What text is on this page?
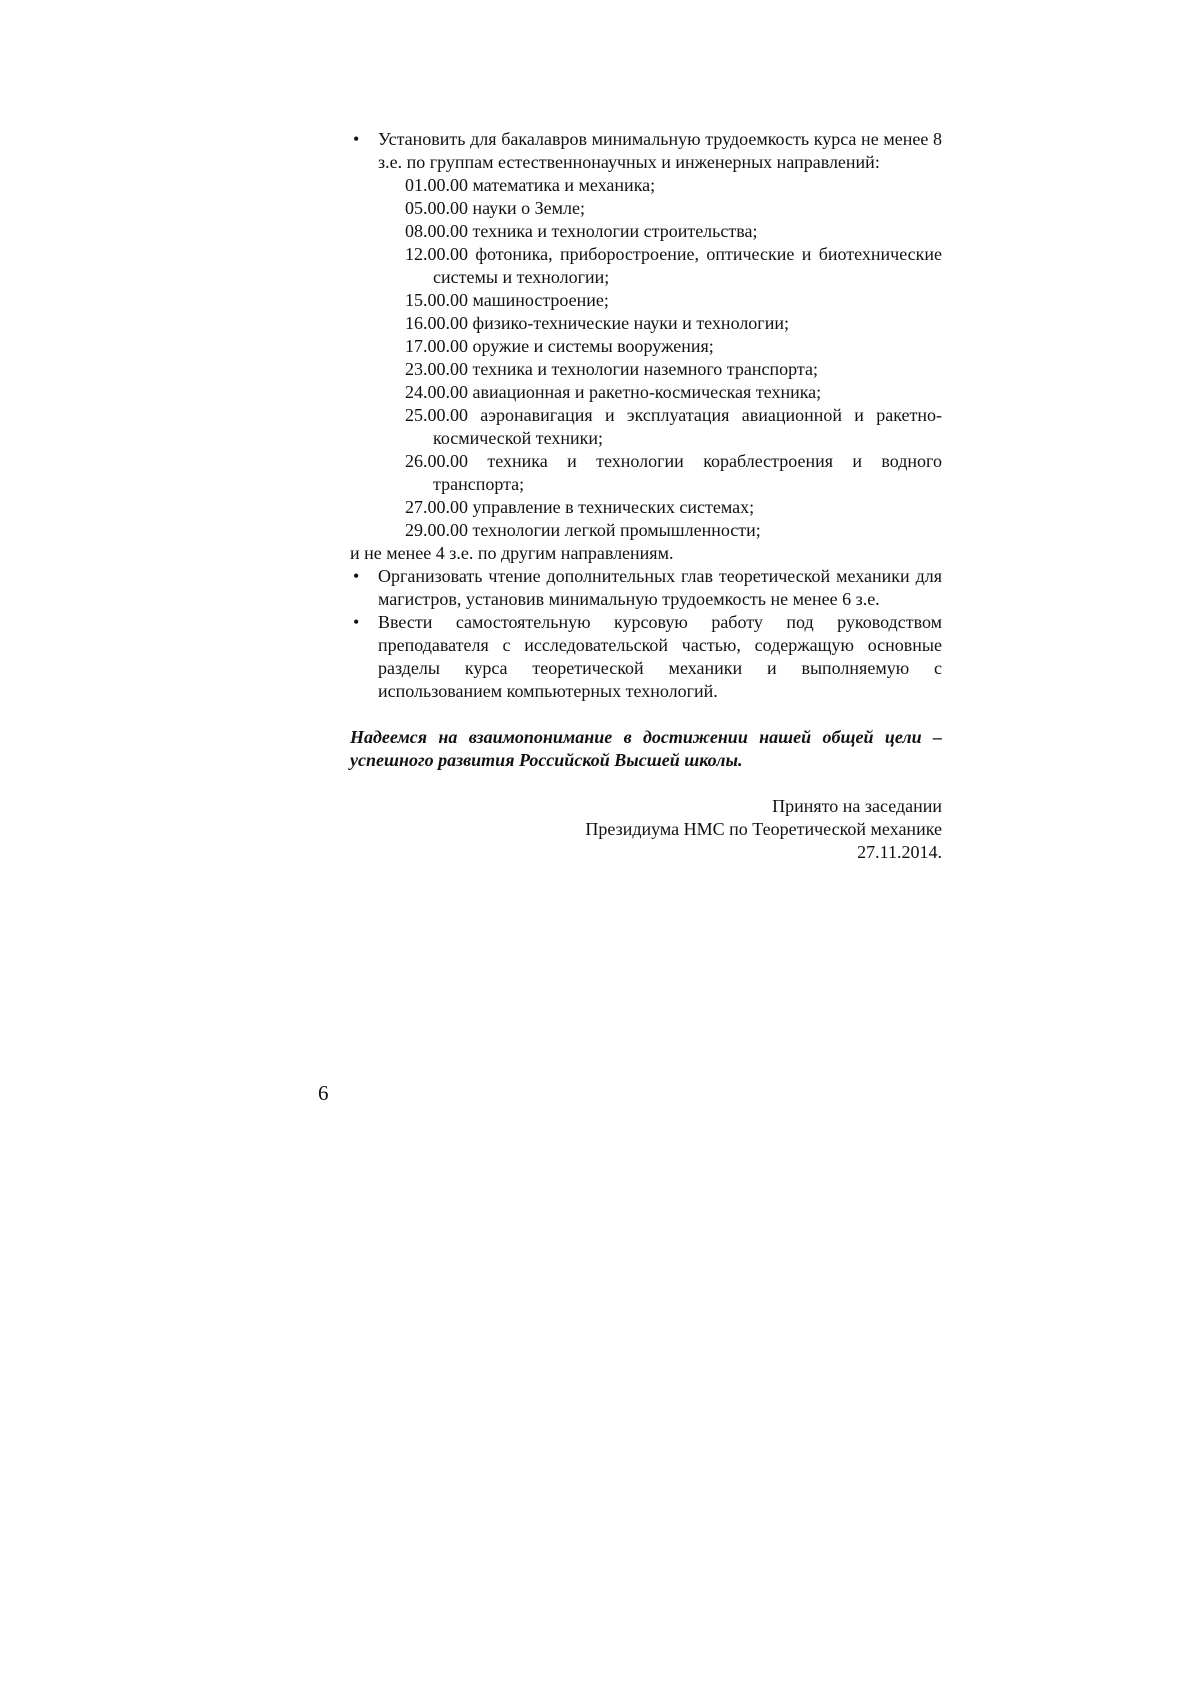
• Установить для бакалавров минимальную трудоемкость курса не менее 8 з.е. по группам естественнонаучных и инженерных направлений:
01.00.00 математика и механика;
05.00.00 науки о Земле;
08.00.00 техника и технологии строительства;
12.00.00 фотоника, приборостроение, оптические и биотехнические системы и технологии;
15.00.00 машиностроение;
16.00.00 физико-технические науки и технологии;
17.00.00 оружие и системы вооружения;
23.00.00 техника и технологии наземного транспорта;
24.00.00 авиационная и ракетно-космическая техника;
25.00.00 аэронавигация и эксплуатация авиационной и ракетно-космической техники;
26.00.00 техника и технологии кораблестроения и водного транспорта;
27.00.00 управление в технических системах;
29.00.00 технологии легкой промышленности;

и не менее 4 з.е. по другим направлениям.

• Организовать чтение дополнительных глав теоретической механики для магистров, установив минимальную трудоемкость не менее 6 з.е.
• Ввести самостоятельную курсовую работу под руководством преподавателя с исследовательской частью, содержащую основные разделы курса теоретической механики и выполняемую с использованием компьютерных технологий.

Надеемся на взаимопонимание в достижении нашей общей цели – успешного развития Российской Высшей школы.

Принято на заседании
Президиума НМС по Теоретической механике
27.11.2014.
6
